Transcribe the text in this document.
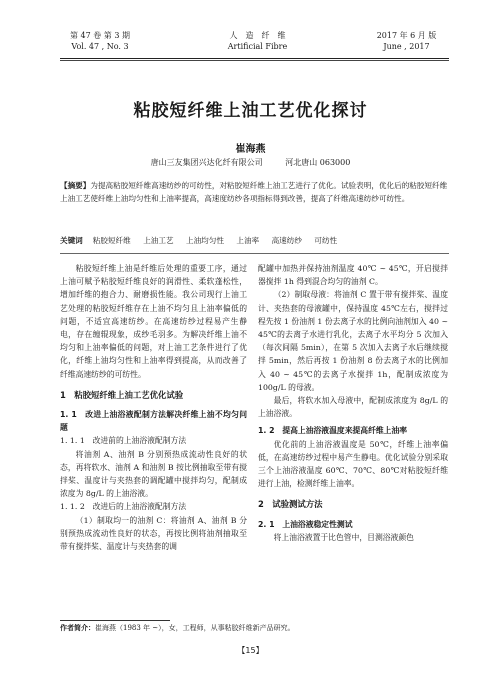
第 47 卷 第 3 期
Vol. 47 , No. 3
人　造　纤　维
Artificial Fibre
2017 年 6 月 版
June , 2017
粘胶短纤维上油工艺优化探讨
崔海燕
唐山三友集团兴达化纤有限公司	河北唐山 063000
【摘要】为提高粘胶短纤维高速纺纱的可纺性，对粘胶短纤维上油工艺进行了优化。试验表明，优化后的粘胶短纤维上油工艺使纤维上油均匀性和上油率提高，高速度纺纱各项指标得到改善，提高了纤维高速纺纱可纺性。
关键词　 粘胶短纤维 上油工艺 上油均匀性 上油率 高速纺纱 可纺性

粘胶短纤维上油是纤维后处理的重要工序，通过上油可赋予粘胶短纤维良好的润滑性、柔软蓬松性，增加纤维的抱合力、耐磨损性能。我公司现行上油工艺处理的粘胶短纤维存在上油不均匀且上油率偏低的问题，不适宜高速纺纱。在高速纺纱过程易产生静电，存在缠辊现象，成纱毛羽多。为解决纤维上油不均匀和上油率偏低的问题，对上油工艺条件进行了优化，纤维上油均匀性和上油率得到提高，从而改善了纤维高速纺纱的可纺性。

1　粘胶短纤维上油工艺优化试验

1. 1　改进上油浴液配制方法解决纤维上油不均匀问题

1. 1. 1　改进前的上油浴液配制方法

将油剂 A、油剂 B 分别预热成流动性良好的状态，再将软水、油剂 A 和油剂 B 按比例抽取至带有搅拌桨、温度计与夹热套的调配罐中搅拌均匀，配制成浓度为 8g/L 的上油浴液。

1. 1. 2　改进后的上油浴液配制方法

（1）制取均一的油剂 C：将油剂 A、油剂 B 分别预热成流动性良好的状态，再按比例将油剂抽取至带有搅拌桨、温度计与夹热套的调

配罐中加热并保持油剂温度 40℃ ~ 45℃，开启搅拌器搅拌 1h 得到混合均匀的油剂 C。

（2）制取母液：将油剂 C 置于带有搅拌桨、温度计、夹热套的母液罐中，保持温度 45℃左右，搅拌过程先按 1 份油剂 1 份去离子水的比例向油剂加入 40 ~ 45℃的去离子水进行乳化，去离子水平均分 5 次加入（每次间隔 5min），在第 5 次加入去离子水后继续搅拌 5min，然后再按 1 份油剂 8 份去离子水的比例加入 40 ~ 45℃的去离子水搅拌 1h，配制成浓度为 100g/L 的母液。

最后，将软水加入母液中，配制成浓度为 8g/L 的上油浴液。

1. 2　提高上油浴液温度来提高纤维上油率

优化前的上油浴液温度是 50℃，纤维上油率偏低，在高速纺纱过程中易产生静电。优化试验分别采取三个上油浴液温度 60℃、70℃、80℃对粘胶短纤维进行上油，检测纤维上油率。

2　试验测试方法

2. 1　上油浴液稳定性测试

将上油浴液置于比色管中，目测浴液颜色

作者简介：崔海燕（1983 年 ~），女，工程师，从事粘胶纤维新产品研究。
【15】
